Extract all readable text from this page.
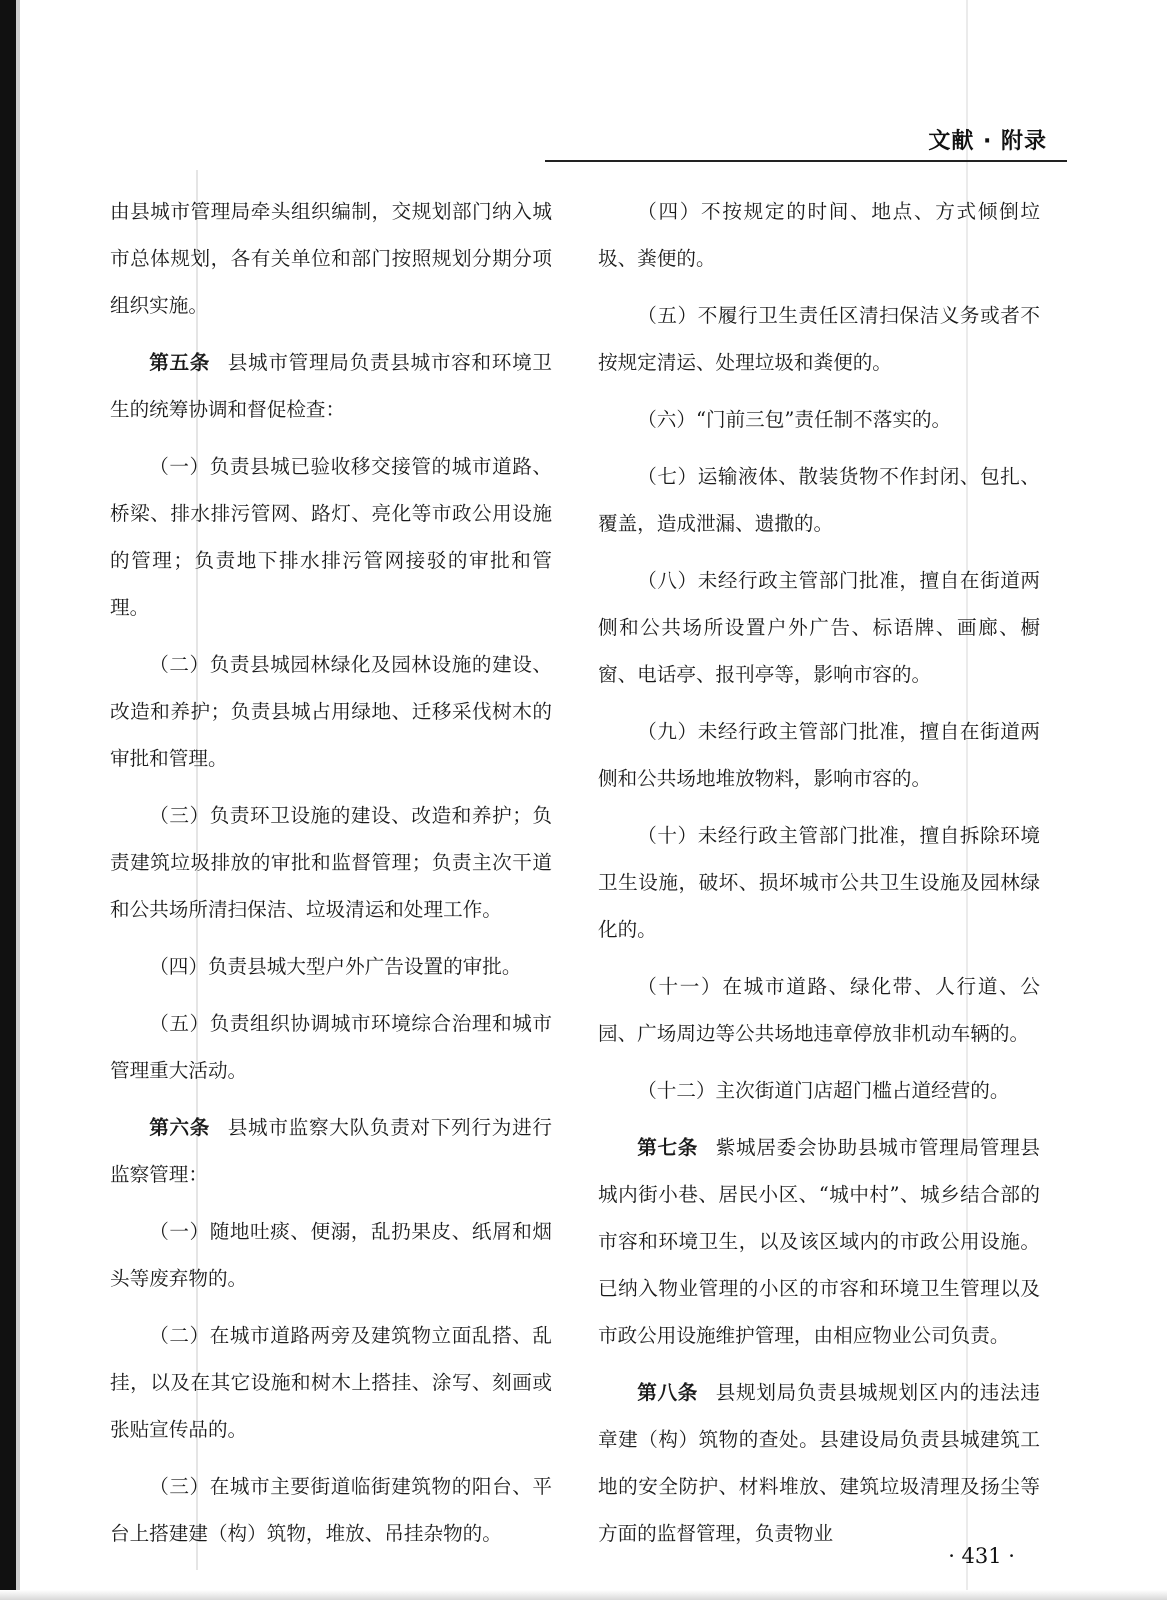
文献 · 附录

由县城市管理局牵头组织编制，交规划部门纳入城市总体规划，各有关单位和部门按照规划分期分项组织实施。

第五条 县城市管理局负责县城市容和环境卫生的统筹协调和督促检查：

（一）负责县城已验收移交接管的城市道路、桥梁、排水排污管网、路灯、亮化等市政公用设施的管理；负责地下排水排污管网接驳的审批和管理。

（二）负责县城园林绿化及园林设施的建设、改造和养护；负责县城占用绿地、迁移采伐树木的审批和管理。

（三）负责环卫设施的建设、改造和养护；负责建筑垃圾排放的审批和监督管理；负责主次干道和公共场所清扫保洁、垃圾清运和处理工作。

（四）负责县城大型户外广告设置的审批。

（五）负责组织协调城市环境综合治理和城市管理重大活动。

第六条 县城市监察大队负责对下列行为进行监察管理：

（一）随地吐痰、便溺，乱扔果皮、纸屑和烟头等废弃物的。

（二）在城市道路两旁及建筑物立面乱搭、乱挂，以及在其它设施和树木上搭挂、涂写、刻画或张贴宣传品的。

（三）在城市主要街道临街建筑物的阳台、平台上搭建建（构）筑物，堆放、吊挂杂物的。

（四）不按规定的时间、地点、方式倾倒垃圾、粪便的。

（五）不履行卫生责任区清扫保洁义务或者不按规定清运、处理垃圾和粪便的。

（六）“门前三包”责任制不落实的。

（七）运输液体、散装货物不作封闭、包扎、覆盖，造成泄漏、遗撒的。

（八）未经行政主管部门批准，擅自在街道两侧和公共场所设置户外广告、标语牌、画廊、橱窗、电话亭、报刊亭等，影响市容的。

（九）未经行政主管部门批准，擅自在街道两侧和公共场地堆放物料，影响市容的。

（十）未经行政主管部门批准，擅自拆除环境卫生设施，破坏、损坏城市公共卫生设施及园林绿化的。

（十一）在城市道路、绿化带、人行道、公园、广场周边等公共场地违章停放非机动车辆的。

（十二）主次街道门店超门槛占道经营的。

第七条 紫城居委会协助县城市管理局管理县城内街小巷、居民小区、“城中村”、城乡结合部的市容和环境卫生，以及该区域内的市政公用设施。已纳入物业管理的小区的市容和环境卫生管理以及市政公用设施维护管理，由相应物业公司负责。

第八条 县规划局负责县城规划区内的违法违章建（构）筑物的查处。县建设局负责县城建筑工地的安全防护、材料堆放、建筑垃圾清理及扬尘等方面的监督管理，负责物业

· 431 ·
